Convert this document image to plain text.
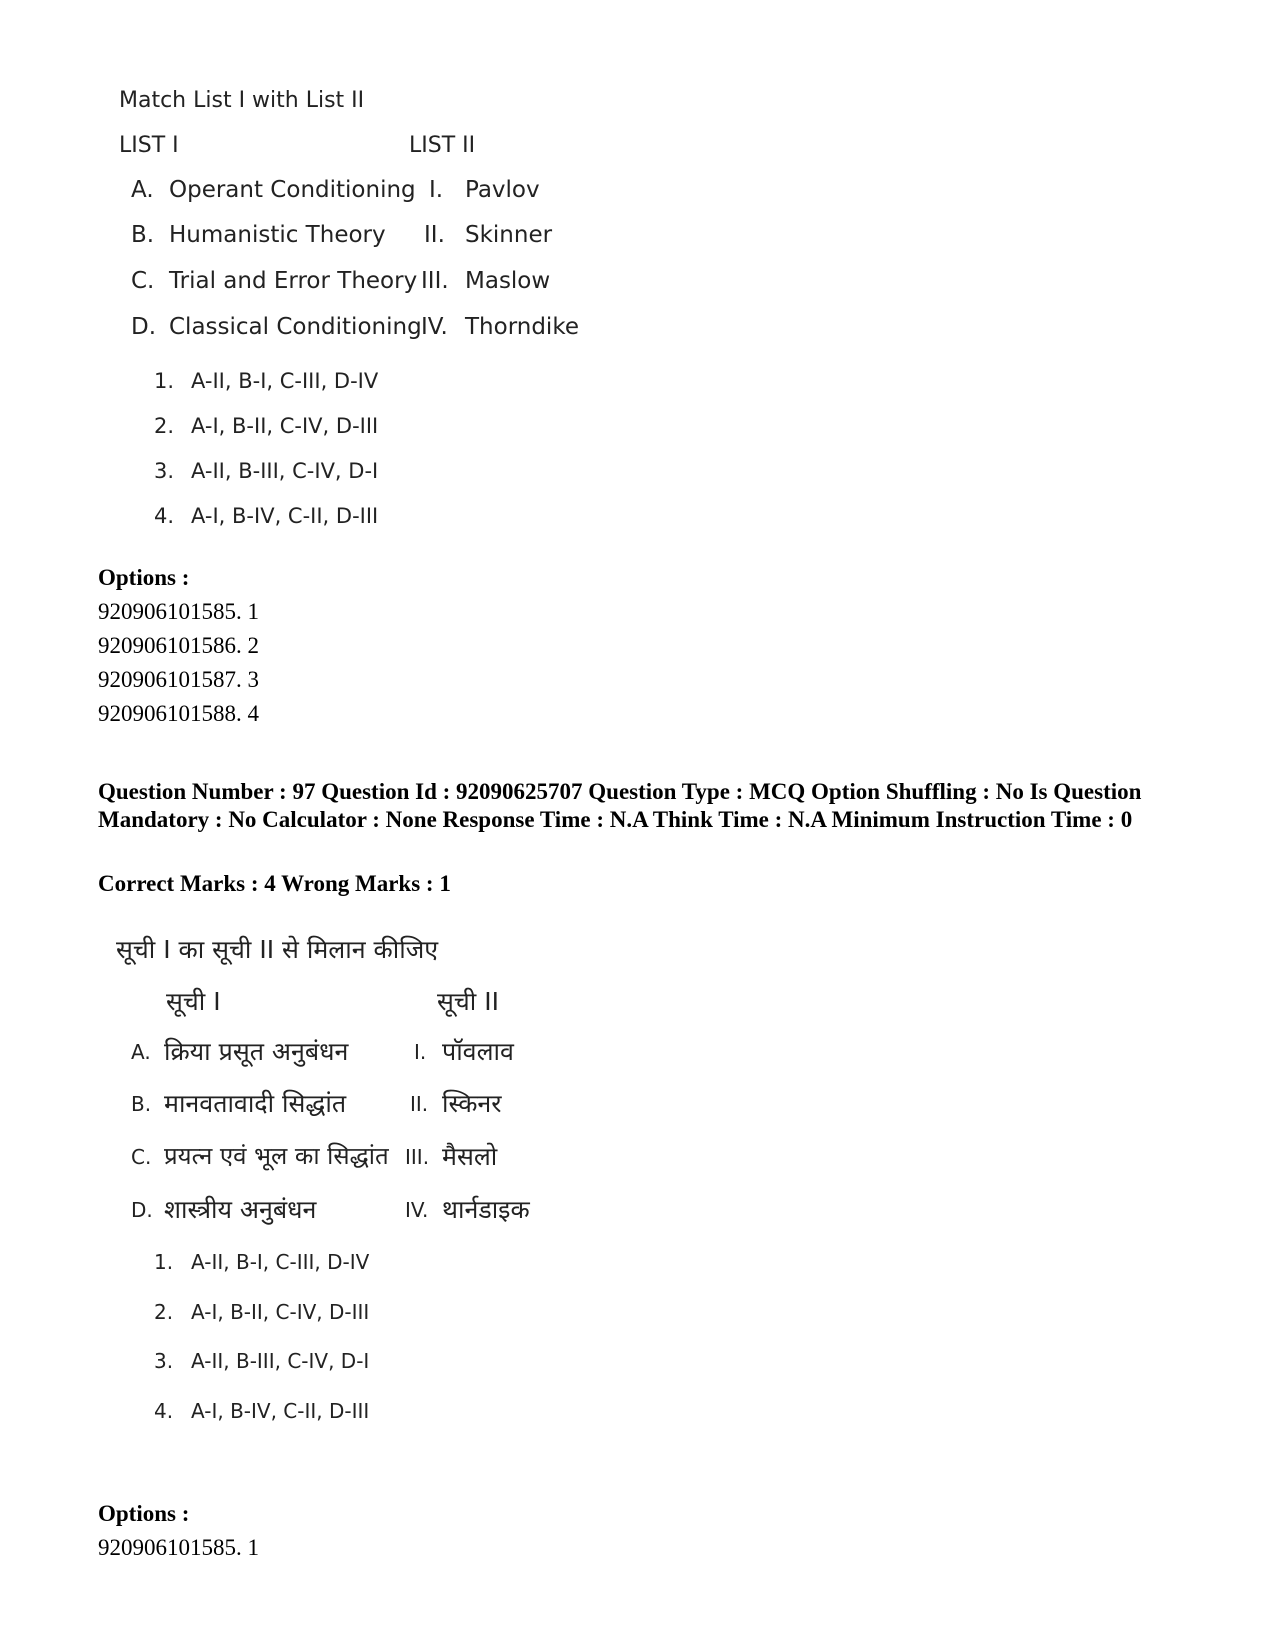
Match List I with List II
LIST I	LIST II
A. Operant Conditioning I. Pavlov
B. Humanistic Theory II. Skinner
C. Trial and Error Theory III. Maslow
D. Classical Conditioning IV. Thorndike
1. A-II, B-I, C-III, D-IV
2. A-I, B-II, C-IV, D-III
3. A-II, B-III, C-IV, D-I
4. A-I, B-IV, C-II, D-III
Options :
920906101585. 1
920906101586. 2
920906101587. 3
920906101588. 4
Question Number : 97 Question Id : 92090625707 Question Type : MCQ Option Shuffling : No Is Question Mandatory : No Calculator : None Response Time : N.A Think Time : N.A Minimum Instruction Time : 0
Correct Marks : 4 Wrong Marks : 1
सूची I का सूची II से मिलान कीजिए
सूची I	सूची II
A. क्रिया प्रसूत अनुबंधन	I. पॉवलाव
B. मानवतावादी सिद्धांत	II. स्किनर
C. प्रयत्न एवं भूल का सिद्धांत III. मैसलो
D. शास्त्रीय अनुबंधन	IV. थार्नडाइक
1. A-II, B-I, C-III, D-IV
2. A-I, B-II, C-IV, D-III
3. A-II, B-III, C-IV, D-I
4. A-I, B-IV, C-II, D-III
Options :
920906101585. 1
